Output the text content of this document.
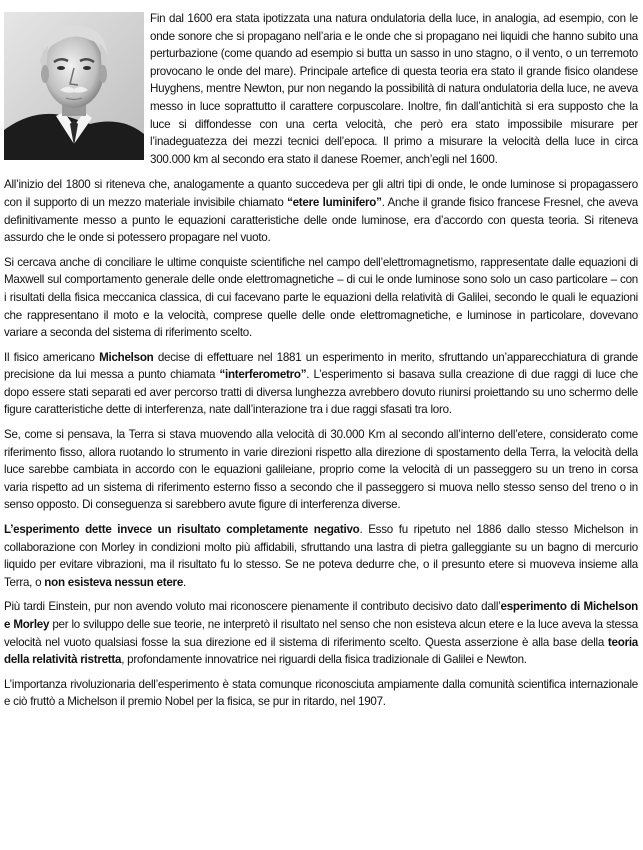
Fin dal 1600 era stata ipotizzata una natura ondulatoria della luce, in analogia, ad esempio, con le onde sonore che si propagano nell’aria e le onde che si propagano nei liquidi che hanno subito una perturbazione (come quando ad esempio si butta un sasso in uno stagno, o il vento, o un terremoto provocano le onde del mare). Principale artefice di questa teoria era stato il grande fisico olandese Huyghens, mentre Newton, pur non negando la possibilità di natura ondulatoria della luce, ne aveva messo in luce soprattutto il carattere corpuscolare. Inoltre, fin dall’antichità si era supposto che la luce si diffondesse con una certa velocità, che però era stato impossibile misurare per l’inadeguatezza dei mezzi tecnici dell’epoca. Il primo a misurare la velocità della luce in circa 300.000 km al secondo era stato il danese Roemer, anch’egli nel 1600.

All’inizio del 1800 si riteneva che, analogamente a quanto succedeva per gli altri tipi di onde, le onde luminose si propagassero con il supporto di un mezzo materiale invisibile chiamato “etere luminifero”. Anche il grande fisico francese Fresnel, che aveva definitivamente messo a punto le equazioni caratteristiche delle onde luminose, era d’accordo con questa teoria. Si riteneva assurdo che le onde si potessero propagare nel vuoto.

Si cercava anche di conciliare le ultime conquiste scientifiche nel campo dell’elettromagnetismo, rappresentate dalle equazioni di Maxwell sul comportamento generale delle onde elettromagnetiche – di cui le onde luminose sono solo un caso particolare – con i risultati della fisica meccanica classica, di cui facevano parte le equazioni della relatività di Galilei, secondo le quali le equazioni che rappresentano il moto e la velocità, comprese quelle delle onde elettromagnetiche, e luminose in particolare, dovevano variare a seconda del sistema di riferimento scelto.

Il fisico americano Michelson decise di effettuare nel 1881 un esperimento in merito, sfruttando un’apparecchiatura di grande precisione da lui messa a punto chiamata “interferometro”. L’esperimento si basava sulla creazione di due raggi di luce che dopo essere stati separati ed aver percorso tratti di diversa lunghezza avrebbero dovuto riunirsi proiettando su uno schermo delle figure caratteristiche dette di interferenza, nate dall’interazione tra i due raggi sfasati tra loro.

Se, come si pensava, la Terra si stava muovendo alla velocità di 30.000 Km al secondo all’interno dell’etere, considerato come riferimento fisso, allora ruotando lo strumento in varie direzioni rispetto alla direzione di spostamento della Terra, la velocità della luce sarebbe cambiata in accordo con le equazioni galileiane, proprio come la velocità di un passeggero su un treno in corsa varia rispetto ad un sistema di riferimento esterno fisso a secondo che il passeggero si muova nello stesso senso del treno o in senso opposto. Di conseguenza si sarebbero avute figure di interferenza diverse.

L’esperimento dette invece un risultato completamente negativo. Esso fu ripetuto nel 1886 dallo stesso Michelson in collaborazione con Morley in condizioni molto più affidabili, sfruttando una lastra di pietra galleggiante su un bagno di mercurio liquido per evitare vibrazioni, ma il risultato fu lo stesso. Se ne poteva dedurre che, o il presunto etere si muoveva insieme alla Terra, o non esisteva nessun etere.

Più tardi Einstein, pur non avendo voluto mai riconoscere pienamente il contributo decisivo dato dall’esperimento di Michelson e Morley per lo sviluppo delle sue teorie, ne interpretò il risultato nel senso che non esisteva alcun etere e la luce aveva la stessa velocità nel vuoto qualsiasi fosse la sua direzione ed il sistema di riferimento scelto. Questa asserzione è alla base della teoria della relatività ristretta, profondamente innovatrice nei riguardi della fisica tradizionale di Galilei e Newton.

L’importanza rivoluzionaria dell’esperimento è stata comunque riconosciuta ampiamente dalla comunità scientifica internazionale e ciò fruttò a Michelson il premio Nobel per la fisica, se pur in ritardo, nel 1907.
